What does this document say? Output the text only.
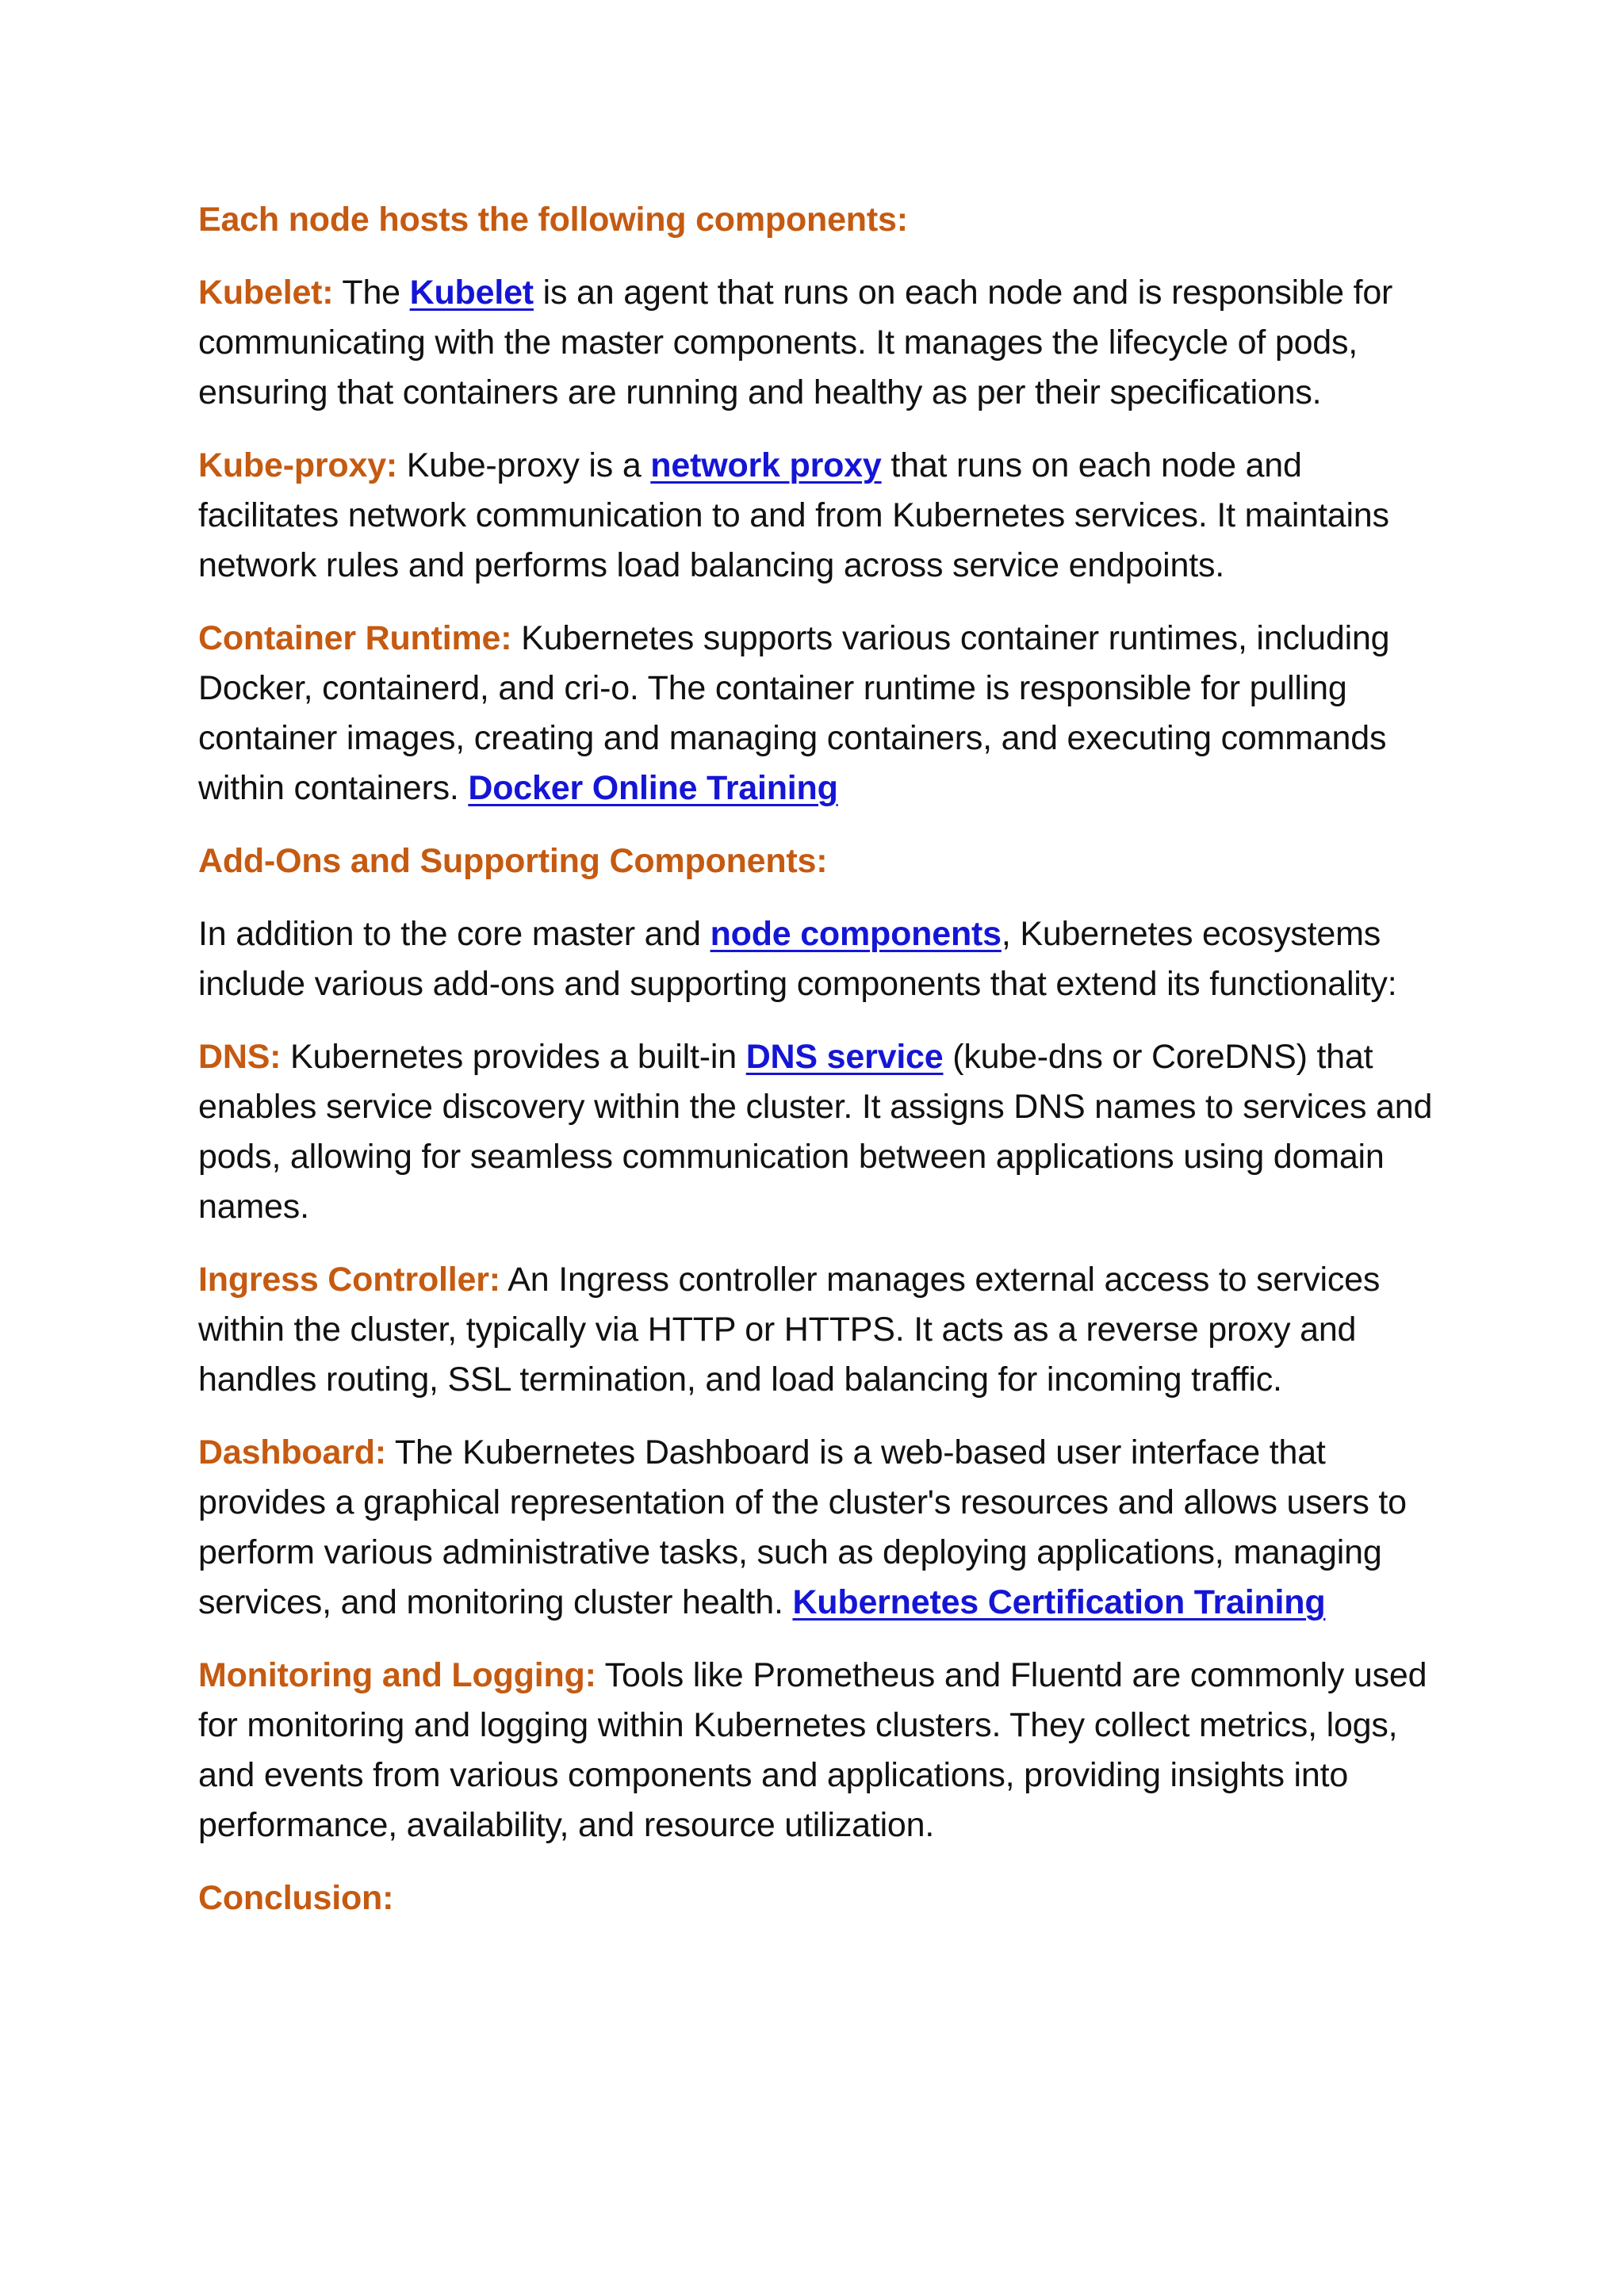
Each node hosts the following components:

Kubelet: The Kubelet is an agent that runs on each node and is responsible for communicating with the master components. It manages the lifecycle of pods, ensuring that containers are running and healthy as per their specifications.

Kube-proxy: Kube-proxy is a network proxy that runs on each node and facilitates network communication to and from Kubernetes services. It maintains network rules and performs load balancing across service endpoints.

Container Runtime: Kubernetes supports various container runtimes, including Docker, containerd, and cri-o. The container runtime is responsible for pulling container images, creating and managing containers, and executing commands within containers. Docker Online Training

Add-Ons and Supporting Components:

In addition to the core master and node components, Kubernetes ecosystems include various add-ons and supporting components that extend its functionality:

DNS: Kubernetes provides a built-in DNS service (kube-dns or CoreDNS) that enables service discovery within the cluster. It assigns DNS names to services and pods, allowing for seamless communication between applications using domain names.

Ingress Controller: An Ingress controller manages external access to services within the cluster, typically via HTTP or HTTPS. It acts as a reverse proxy and handles routing, SSL termination, and load balancing for incoming traffic.

Dashboard: The Kubernetes Dashboard is a web-based user interface that provides a graphical representation of the cluster's resources and allows users to perform various administrative tasks, such as deploying applications, managing services, and monitoring cluster health. Kubernetes Certification Training

Monitoring and Logging: Tools like Prometheus and Fluentd are commonly used for monitoring and logging within Kubernetes clusters. They collect metrics, logs, and events from various components and applications, providing insights into performance, availability, and resource utilization.

Conclusion:
